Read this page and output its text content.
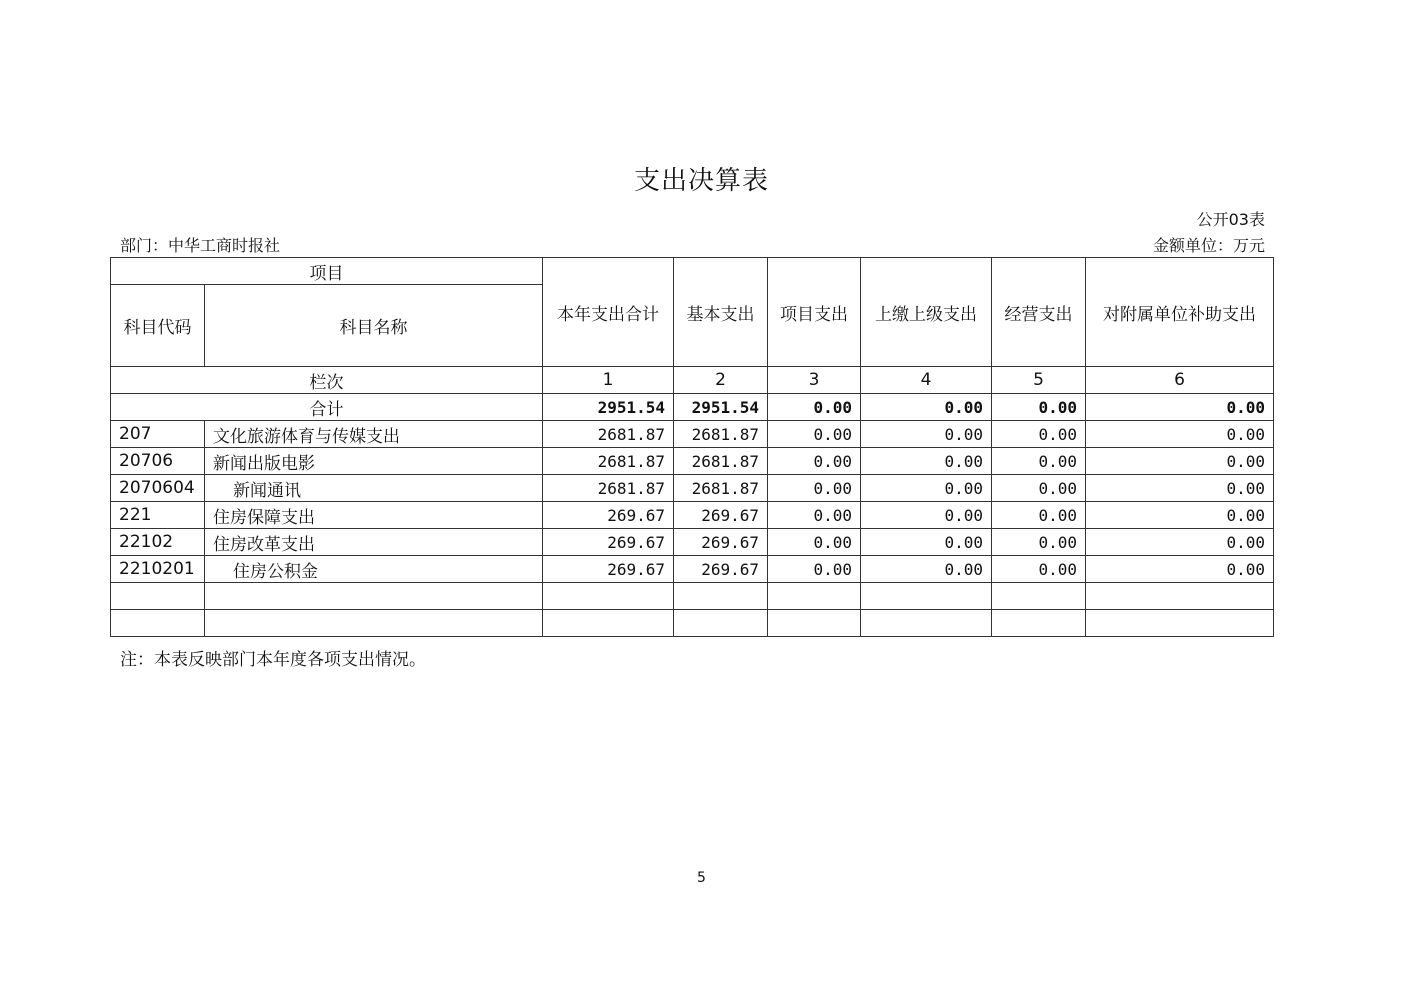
支出决算表
公开03表
部门：中华工商时报社	金额单位：万元
项目		本年支出合计	基本支出	项目支出	上缴上级支出	经营支出	对附属单位补助支出
科目代码	科目名称						
栏次		1	2	3	4	5	6
合计		2951.54	2951.54	0.00	0.00	0.00	0.00
207	文化旅游体育与传媒支出	2681.87	2681.87	0.00	0.00	0.00	0.00
20706	新闻出版电影	2681.87	2681.87	0.00	0.00	0.00	0.00
2070604	新闻通讯	2681.87	2681.87	0.00	0.00	0.00	0.00
221	住房保障支出	269.67	269.67	0.00	0.00	0.00	0.00
22102	住房改革支出	269.67	269.67	0.00	0.00	0.00	0.00
2210201	住房公积金	269.67	269.67	0.00	0.00	0.00	0.00

注：本表反映部门本年度各项支出情况。
5
